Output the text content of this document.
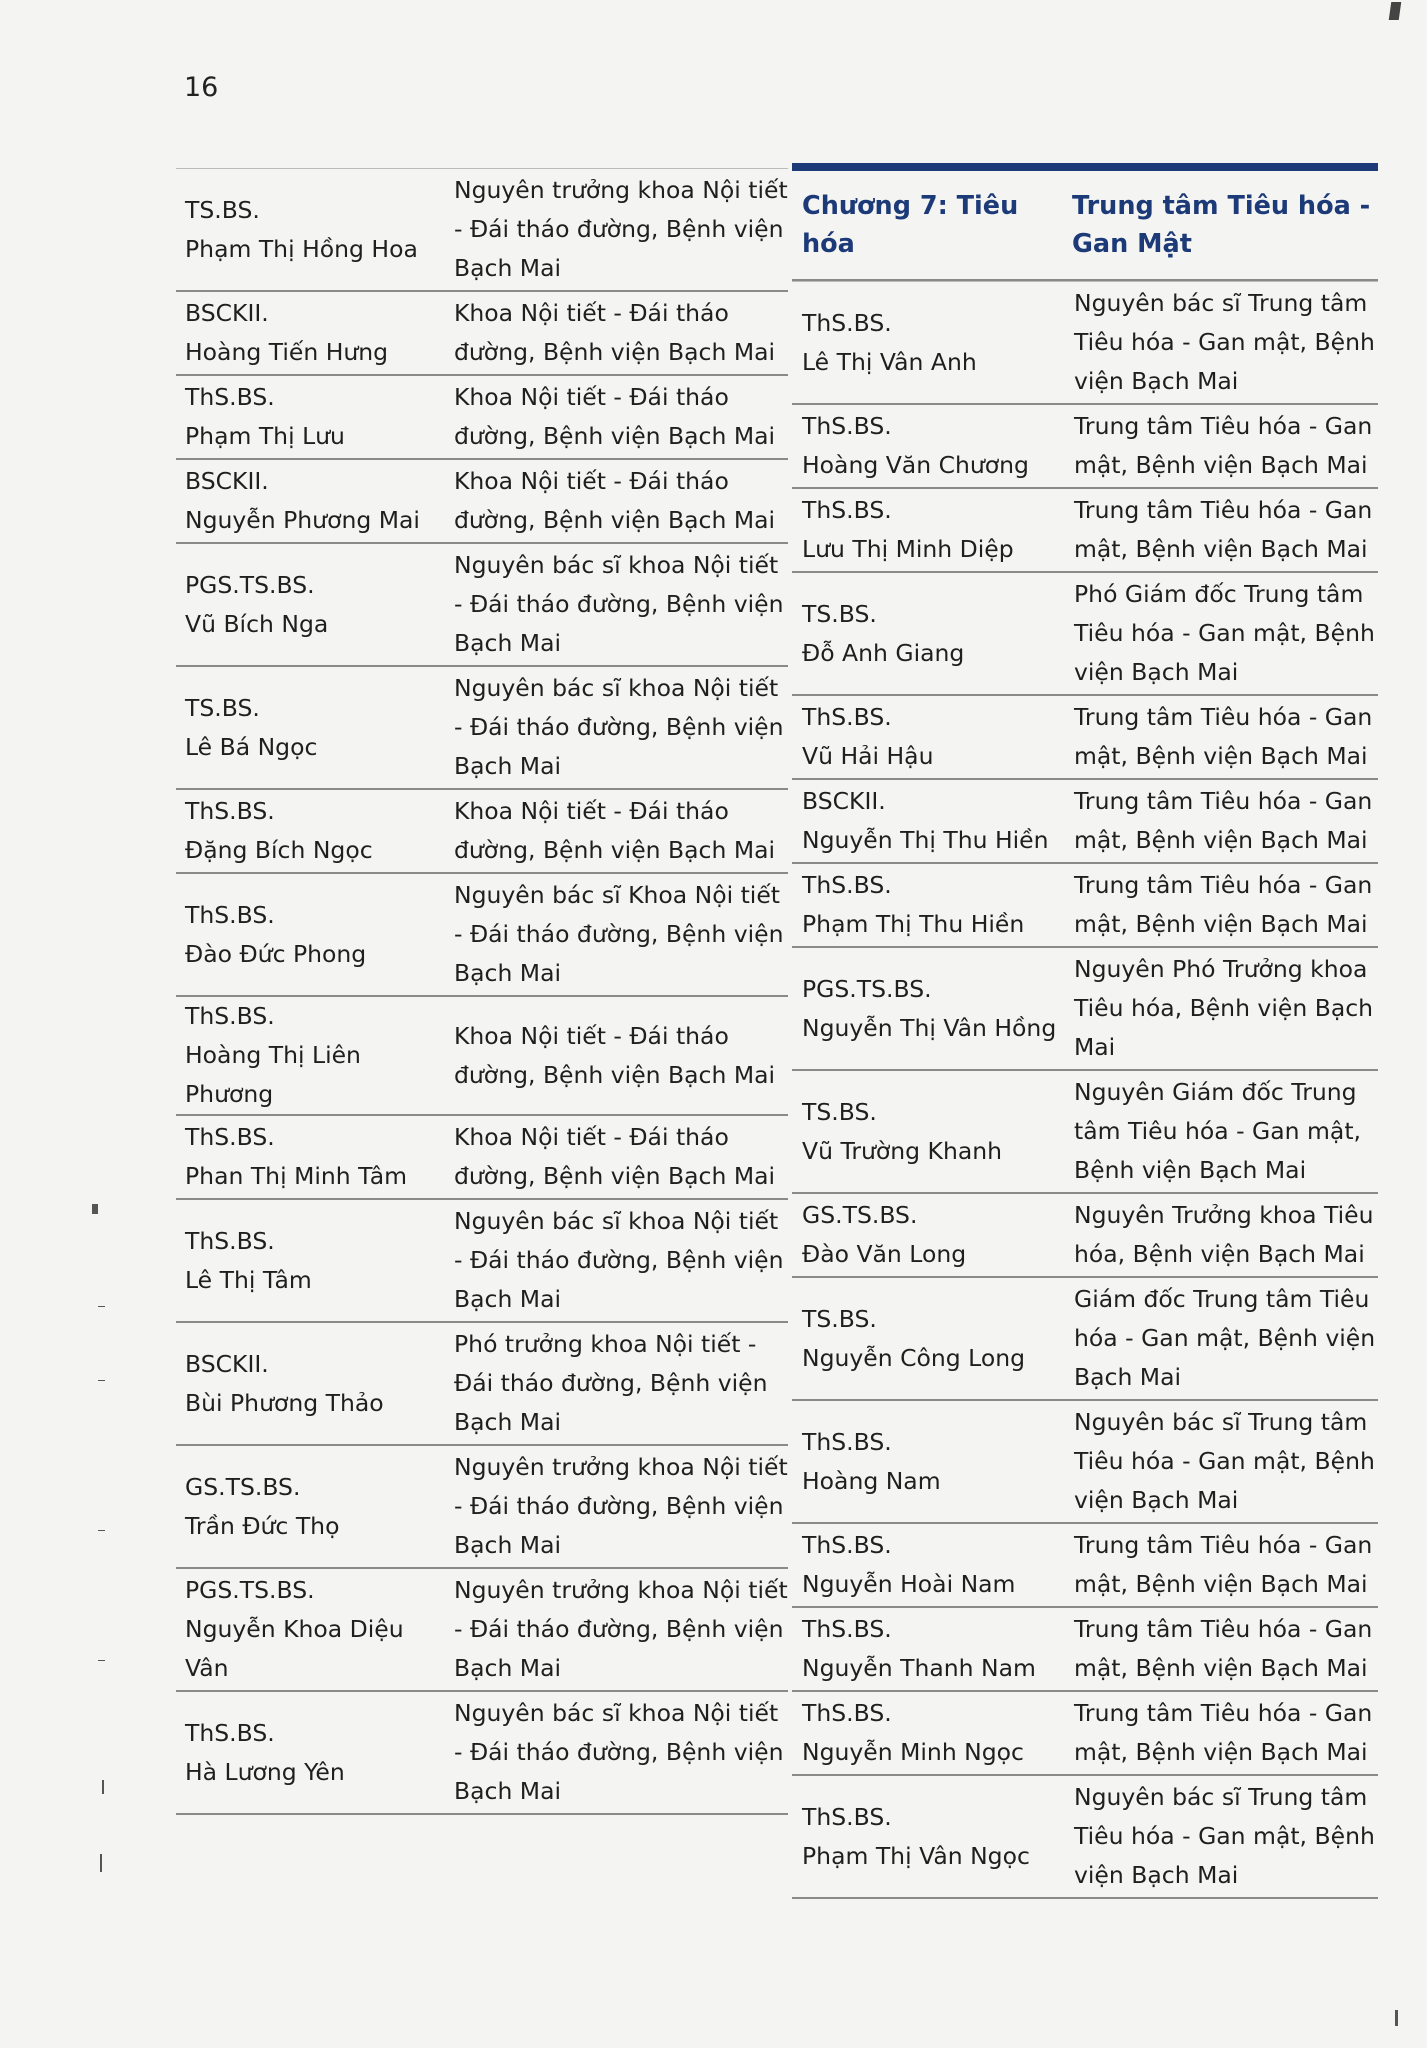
16
TS.BS.
Phạm Thị Hồng Hoa
Nguyên trưởng khoa Nội tiết - Đái tháo đường, Bệnh viện Bạch Mai
BSCKII.
Hoàng Tiến Hưng
Khoa Nội tiết - Đái tháo đường, Bệnh viện Bạch Mai
ThS.BS.
Phạm Thị Lưu
Khoa Nội tiết - Đái tháo đường, Bệnh viện Bạch Mai
BSCKII.
Nguyễn Phương Mai
Khoa Nội tiết - Đái tháo đường, Bệnh viện Bạch Mai
PGS.TS.BS.
Vũ Bích Nga
Nguyên bác sĩ khoa Nội tiết - Đái tháo đường, Bệnh viện Bạch Mai
TS.BS.
Lê Bá Ngọc
Nguyên bác sĩ khoa Nội tiết - Đái tháo đường, Bệnh viện Bạch Mai
ThS.BS.
Đặng Bích Ngọc
Khoa Nội tiết - Đái tháo đường, Bệnh viện Bạch Mai
ThS.BS.
Đào Đức Phong
Nguyên bác sĩ Khoa Nội tiết - Đái tháo đường, Bệnh viện Bạch Mai
ThS.BS.
Hoàng Thị Liên Phương
Khoa Nội tiết - Đái tháo đường, Bệnh viện Bạch Mai
ThS.BS.
Phan Thị Minh Tâm
Khoa Nội tiết - Đái tháo đường, Bệnh viện Bạch Mai
ThS.BS.
Lê Thị Tâm
Nguyên bác sĩ khoa Nội tiết - Đái tháo đường, Bệnh viện Bạch Mai
BSCKII.
Bùi Phương Thảo
Phó trưởng khoa Nội tiết - Đái tháo đường, Bệnh viện Bạch Mai
GS.TS.BS.
Trần Đức Thọ
Nguyên trưởng khoa Nội tiết - Đái tháo đường, Bệnh viện Bạch Mai
PGS.TS.BS.
Nguyễn Khoa Diệu Vân
Nguyên trưởng khoa Nội tiết - Đái tháo đường, Bệnh viện Bạch Mai
ThS.BS.
Hà Lương Yên
Nguyên bác sĩ khoa Nội tiết - Đái tháo đường, Bệnh viện Bạch Mai
Chương 7: Tiêu hóa
Trung tâm Tiêu hóa - Gan Mật
ThS.BS.
Lê Thị Vân Anh
Nguyên bác sĩ Trung tâm Tiêu hóa - Gan mật, Bệnh viện Bạch Mai
ThS.BS.
Hoàng Văn Chương
Trung tâm Tiêu hóa - Gan mật, Bệnh viện Bạch Mai
ThS.BS.
Lưu Thị Minh Diệp
Trung tâm Tiêu hóa - Gan mật, Bệnh viện Bạch Mai
TS.BS.
Đỗ Anh Giang
Phó Giám đốc Trung tâm Tiêu hóa - Gan mật, Bệnh viện Bạch Mai
ThS.BS.
Vũ Hải Hậu
Trung tâm Tiêu hóa - Gan mật, Bệnh viện Bạch Mai
BSCKII.
Nguyễn Thị Thu Hiền
Trung tâm Tiêu hóa - Gan mật, Bệnh viện Bạch Mai
ThS.BS.
Phạm Thị Thu Hiền
Trung tâm Tiêu hóa - Gan mật, Bệnh viện Bạch Mai
PGS.TS.BS.
Nguyễn Thị Vân Hồng
Nguyên Phó Trưởng khoa Tiêu hóa, Bệnh viện Bạch Mai
TS.BS.
Vũ Trường Khanh
Nguyên Giám đốc Trung tâm Tiêu hóa - Gan mật, Bệnh viện Bạch Mai
GS.TS.BS.
Đào Văn Long
Nguyên Trưởng khoa Tiêu hóa, Bệnh viện Bạch Mai
TS.BS.
Nguyễn Công Long
Giám đốc Trung tâm Tiêu hóa - Gan mật, Bệnh viện Bạch Mai
ThS.BS.
Hoàng Nam
Nguyên bác sĩ Trung tâm Tiêu hóa - Gan mật, Bệnh viện Bạch Mai
ThS.BS.
Nguyễn Hoài Nam
Trung tâm Tiêu hóa - Gan mật, Bệnh viện Bạch Mai
ThS.BS.
Nguyễn Thanh Nam
Trung tâm Tiêu hóa - Gan mật, Bệnh viện Bạch Mai
ThS.BS.
Nguyễn Minh Ngọc
Trung tâm Tiêu hóa - Gan mật, Bệnh viện Bạch Mai
ThS.BS.
Phạm Thị Vân Ngọc
Nguyên bác sĩ Trung tâm Tiêu hóa - Gan mật, Bệnh viện Bạch Mai
